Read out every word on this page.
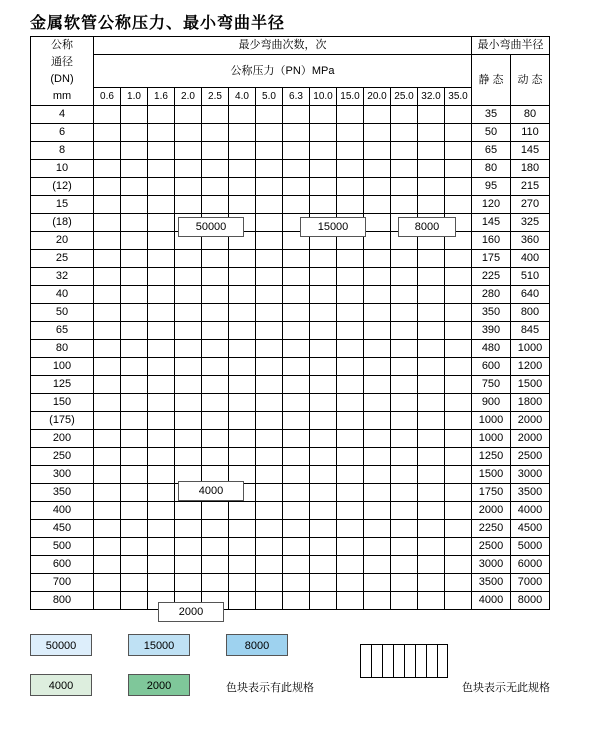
金属软管公称压力、最小弯曲半径
公称
通径
(DN)
mm	最少弯曲次数，次														最小弯曲半径	
	公称压力（PN）MPa														静 态	动 态
	0.6	1.0	1.6	2.0	2.5	4.0	5.0	6.3	10.0	15.0	20.0	25.0	32.0	35.0		
4															35	80
6															50	110
8															65	145
10															80	180
(12)															95	215
15															120	270
(18)															145	325
20															160	360
25															175	400
32															225	510
40															280	640
50															350	800
65															390	845
80															480	1000
100															600	1200
125															750	1500
150															900	1800
(175)															1000	2000
200															1000	2000
250															1250	2500
300															1500	3000
350															1750	3500
400															2000	4000
450															2250	4500
500															2500	5000
600															3000	6000
700															3500	7000
800															4000	8000
50000	15000	8000
4000
2000
50000	15000	8000
4000	2000	色块表示有此规格	色块表示无此规格
